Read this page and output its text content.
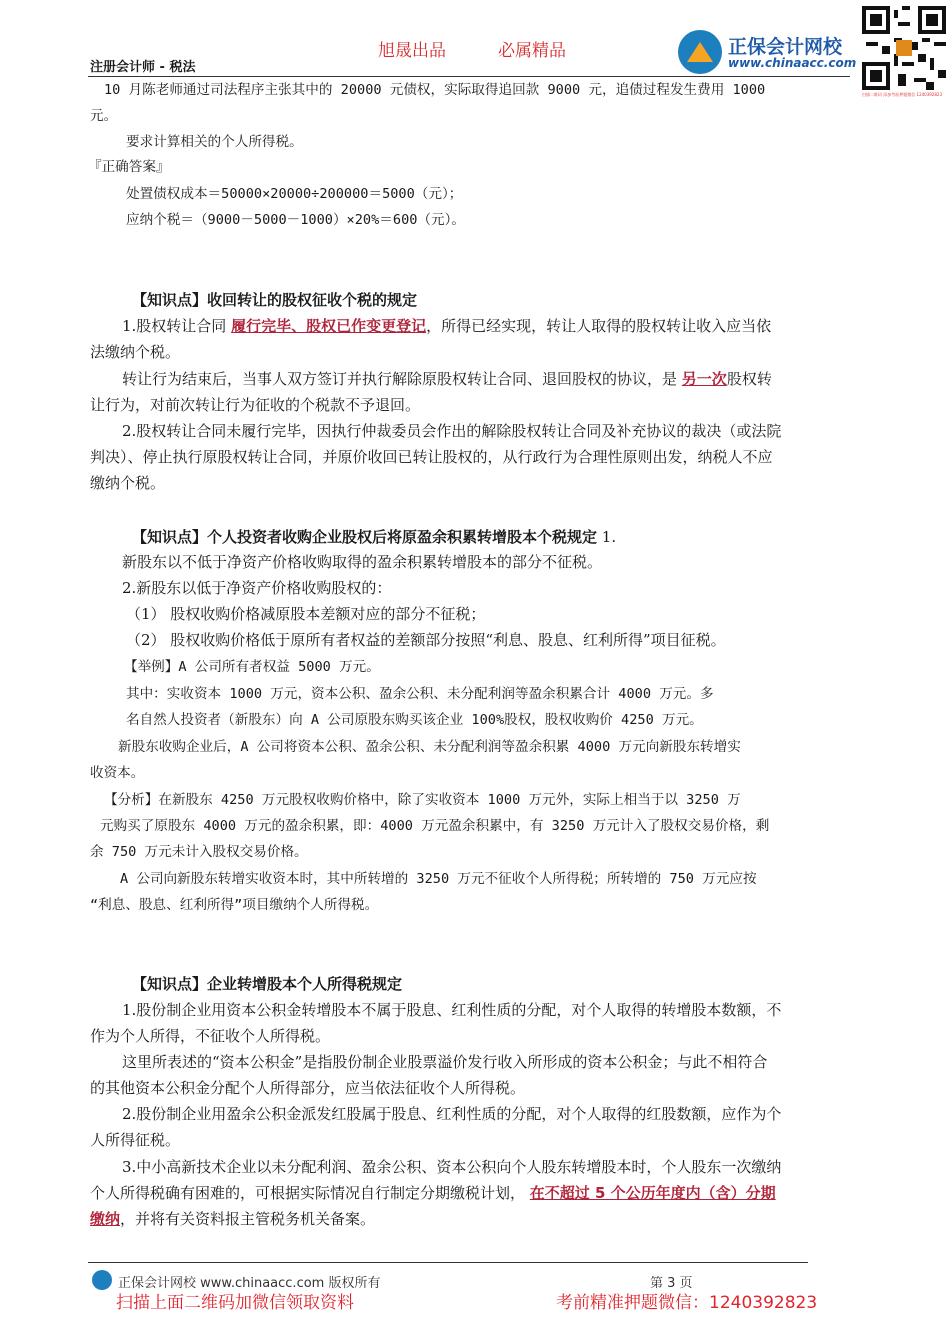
旭晟出品	必属精品
注册会计师 - 税法
正保会计网校
www.chinaacc.com
扫描二维码 添加考前押题微信 1240392823
10 月陈老师通过司法程序主张其中的 20000 元债权，实际取得追回款 9000 元，追债过程发生费用 1000
元。
要求计算相关的个人所得税。
『正确答案』
处置债权成本＝50000×20000÷200000＝5000（元）；
应纳个税＝（9000－5000－1000）×20%＝600（元）。
【知识点】收回转让的股权征收个税的规定
1.股权转让合同 履行完毕、股权已作变更登记，所得已经实现，转让人取得的股权转让收入应当依
法缴纳个税。
转让行为结束后，当事人双方签订并执行解除原股权转让合同、退回股权的协议，是 另一次股权转
让行为，对前次转让行为征收的个税款不予退回。
2.股权转让合同未履行完毕，因执行仲裁委员会作出的解除股权转让合同及补充协议的裁决（或法院
判决）、停止执行原股权转让合同，并原价收回已转让股权的，从行政行为合理性原则出发，纳税人不应
缴纳个税。
【知识点】个人投资者收购企业股权后将原盈余积累转增股本个税规定 1.
新股东以不低于净资产价格收购取得的盈余积累转增股本的部分不征税。
2.新股东以低于净资产价格收购股权的：
（1） 股权收购价格减原股本差额对应的部分不征税；
（2） 股权收购价格低于原所有者权益的差额部分按照“利息、股息、红利所得”项目征税。
【举例】A 公司所有者权益 5000 万元。
其中：实收资本 1000 万元，资本公积、盈余公积、未分配利润等盈余积累合计 4000 万元。多
名自然人投资者（新股东）向 A 公司原股东购买该企业 100%股权，股权收购价 4250 万元。
新股东收购企业后，A 公司将资本公积、盈余公积、未分配利润等盈余积累 4000 万元向新股东转增实
收资本。
【分析】在新股东 4250 万元股权收购价格中，除了实收资本 1000 万元外，实际上相当于以 3250 万
元购买了原股东 4000 万元的盈余积累，即：4000 万元盈余积累中，有 3250 万元计入了股权交易价格，剩
余 750 万元未计入股权交易价格。
A 公司向新股东转增实收资本时，其中所转增的 3250 万元不征收个人所得税；所转增的 750 万元应按
“利息、股息、红利所得”项目缴纳个人所得税。
【知识点】企业转增股本个人所得税规定
1.股份制企业用资本公积金转增股本不属于股息、红利性质的分配，对个人取得的转增股本数额，不
作为个人所得，不征收个人所得税。
这里所表述的“资本公积金”是指股份制企业股票溢价发行收入所形成的资本公积金；与此不相符合
的其他资本公积金分配个人所得部分，应当依法征收个人所得税。
2.股份制企业用盈余公积金派发红股属于股息、红利性质的分配，对个人取得的红股数额，应作为个
人所得征税。
3.中小高新技术企业以未分配利润、盈余公积、资本公积向个人股东转增股本时，个人股东一次缴纳
个人所得税确有困难的，可根据实际情况自行制定分期缴税计划， 在不超过 5 个公历年度内（含）分期
缴纳，并将有关资料报主管税务机关备案。
正保会计网校 www.chinaacc.com 版权所有	第 3 页
扫描上面二维码加微信领取资料	考前精准押题微信：1240392823
